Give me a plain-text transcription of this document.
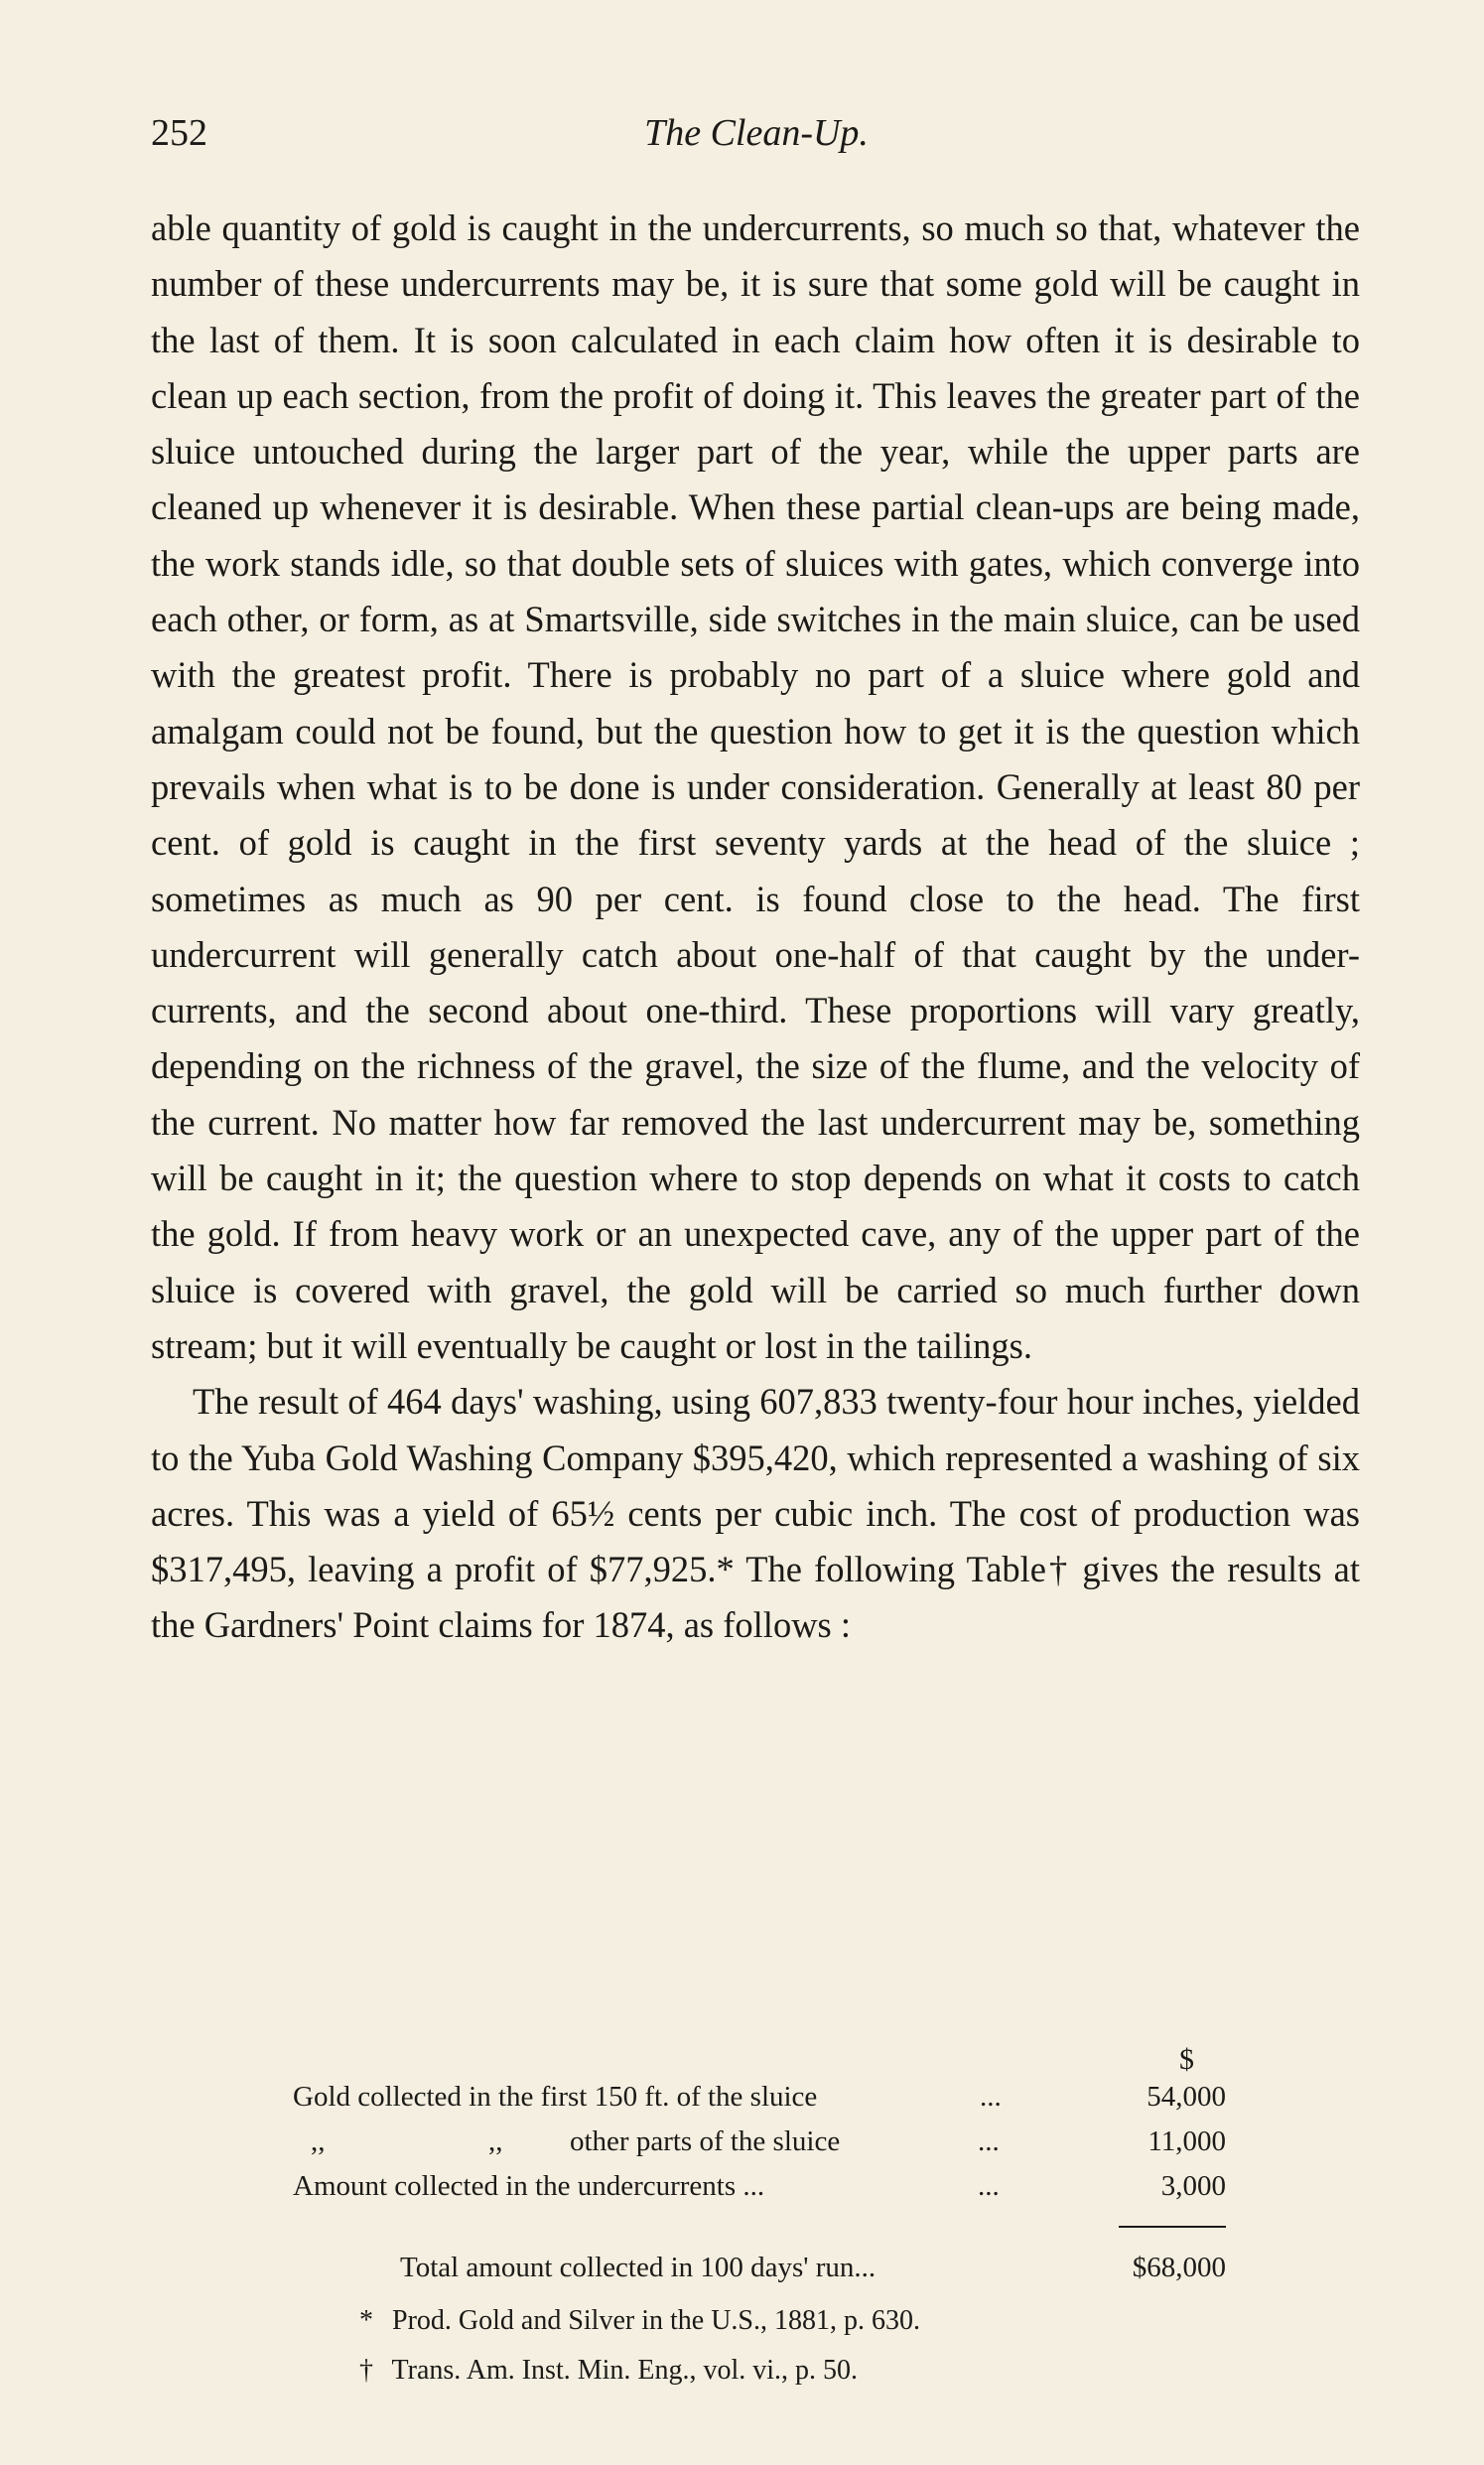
252	The Clean-Up.

able quantity of gold is caught in the undercurrents, so much so that, whatever the number of these undercurrents may be, it is sure that some gold will be caught in the last of them. It is soon calculated in each claim how often it is desirable to clean up each section, from the profit of doing it. This leaves the greater part of the sluice untouched during the larger part of the year, while the upper parts are cleaned up whenever it is desirable. When these partial clean-ups are being made, the work stands idle, so that double sets of sluices with gates, which converge into each other, or form, as at Smartsville, side switches in the main sluice, can be used with the greatest profit. There is probably no part of a sluice where gold and amalgam could not be found, but the question how to get it is the question which prevails when what is to be done is under consideration. Generally at least 80 per cent. of gold is caught in the first seventy yards at the head of the sluice ; sometimes as much as 90 per cent. is found close to the head. The first undercurrent will generally catch about one-half of that caught by the under-currents, and the second about one-third. These proportions will vary greatly, depending on the richness of the gravel, the size of the flume, and the velocity of the current. No matter how far removed the last undercurrent may be, something will be caught in it; the question where to stop depends on what it costs to catch the gold. If from heavy work or an unexpected cave, any of the upper part of the sluice is covered with gravel, the gold will be carried so much further down stream; but it will eventually be caught or lost in the tailings.

The result of 464 days' washing, using 607,833 twenty-four hour inches, yielded to the Yuba Gold Washing Company $395,420, which represented a washing of six acres. This was a yield of 65½ cents per cubic inch. The cost of production was $317,495, leaving a profit of $77,925.* The following Table† gives the results at the Gardners' Point claims for 1874, as follows :

$
Gold collected in the first 150 ft. of the sluice	...	54,000
,,	,, other parts of the sluice	...	11,000
Amount collected in the undercurrents ...	...	3,000
Total amount collected in 100 days' run...	$68,000
* Prod. Gold and Silver in the U.S., 1881, p. 630.
† Trans. Am. Inst. Min. Eng., vol. vi., p. 50.
